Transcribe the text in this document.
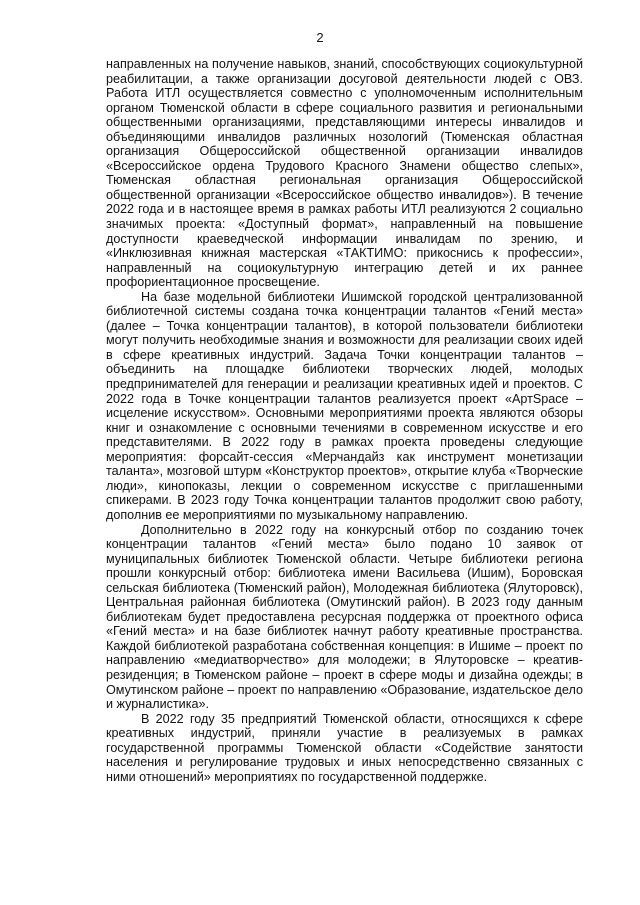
2

направленных на получение навыков, знаний, способствующих социокультурной реабилитации, а также организации досуговой деятельности людей с ОВЗ. Работа ИТЛ осуществляется совместно с уполномоченным исполнительным органом Тюменской области в сфере социального развития и региональными общественными организациями, представляющими интересы инвалидов и объединяющими инвалидов различных нозологий (Тюменская областная организация Общероссийской общественной организации инвалидов «Всероссийское ордена Трудового Красного Знамени общество слепых», Тюменская областная региональная организация Общероссийской общественной организации «Всероссийское общество инвалидов»). В течение 2022 года и в настоящее время в рамках работы ИТЛ реализуются 2 социально значимых проекта: «Доступный формат», направленный на повышение доступности краеведческой информации инвалидам по зрению, и «Инклюзивная книжная мастерская «ТАКТИМО: прикоснись к профессии», направленный на социокультурную интеграцию детей и их раннее профориентационное просвещение.

На базе модельной библиотеки Ишимской городской централизованной библиотечной системы создана точка концентрации талантов «Гений места» (далее – Точка концентрации талантов), в которой пользователи библиотеки могут получить необходимые знания и возможности для реализации своих идей в сфере креативных индустрий. Задача Точки концентрации талантов – объединить на площадке библиотеки творческих людей, молодых предпринимателей для генерации и реализации креативных идей и проектов. С 2022 года в Точке концентрации талантов реализуется проект «АртSpace – исцеление искусством». Основными мероприятиями проекта являются обзоры книг и ознакомление с основными течениями в современном искусстве и его представителями. В 2022 году в рамках проекта проведены следующие мероприятия: форсайт-сессия «Мерчандайз как инструмент монетизации таланта», мозговой штурм «Конструктор проектов», открытие клуба «Творческие люди», кинопоказы, лекции о современном искусстве с приглашенными спикерами. В 2023 году Точка концентрации талантов продолжит свою работу, дополнив ее мероприятиями по музыкальному направлению.

Дополнительно в 2022 году на конкурсный отбор по созданию точек концентрации талантов «Гений места» было подано 10 заявок от муниципальных библиотек Тюменской области. Четыре библиотеки региона прошли конкурсный отбор: библиотека имени Васильева (Ишим), Боровская сельская библиотека (Тюменский район), Молодежная библиотека (Ялуторовск), Центральная районная библиотека (Омутинский район). В 2023 году данным библиотекам будет предоставлена ресурсная поддержка от проектного офиса «Гений места» и на базе библиотек начнут работу креативные пространства. Каждой библиотекой разработана собственная концепция: в Ишиме – проект по направлению «медиатворчество» для молодежи; в Ялуторовске – креатив-резиденция; в Тюменском районе – проект в сфере моды и дизайна одежды; в Омутинском районе – проект по направлению «Образование, издательское дело и журналистика».

В 2022 году 35 предприятий Тюменской области, относящихся к сфере креативных индустрий, приняли участие в реализуемых в рамках государственной программы Тюменской области «Содействие занятости населения и регулирование трудовых и иных непосредственно связанных с ними отношений» мероприятиях по государственной поддержке.
